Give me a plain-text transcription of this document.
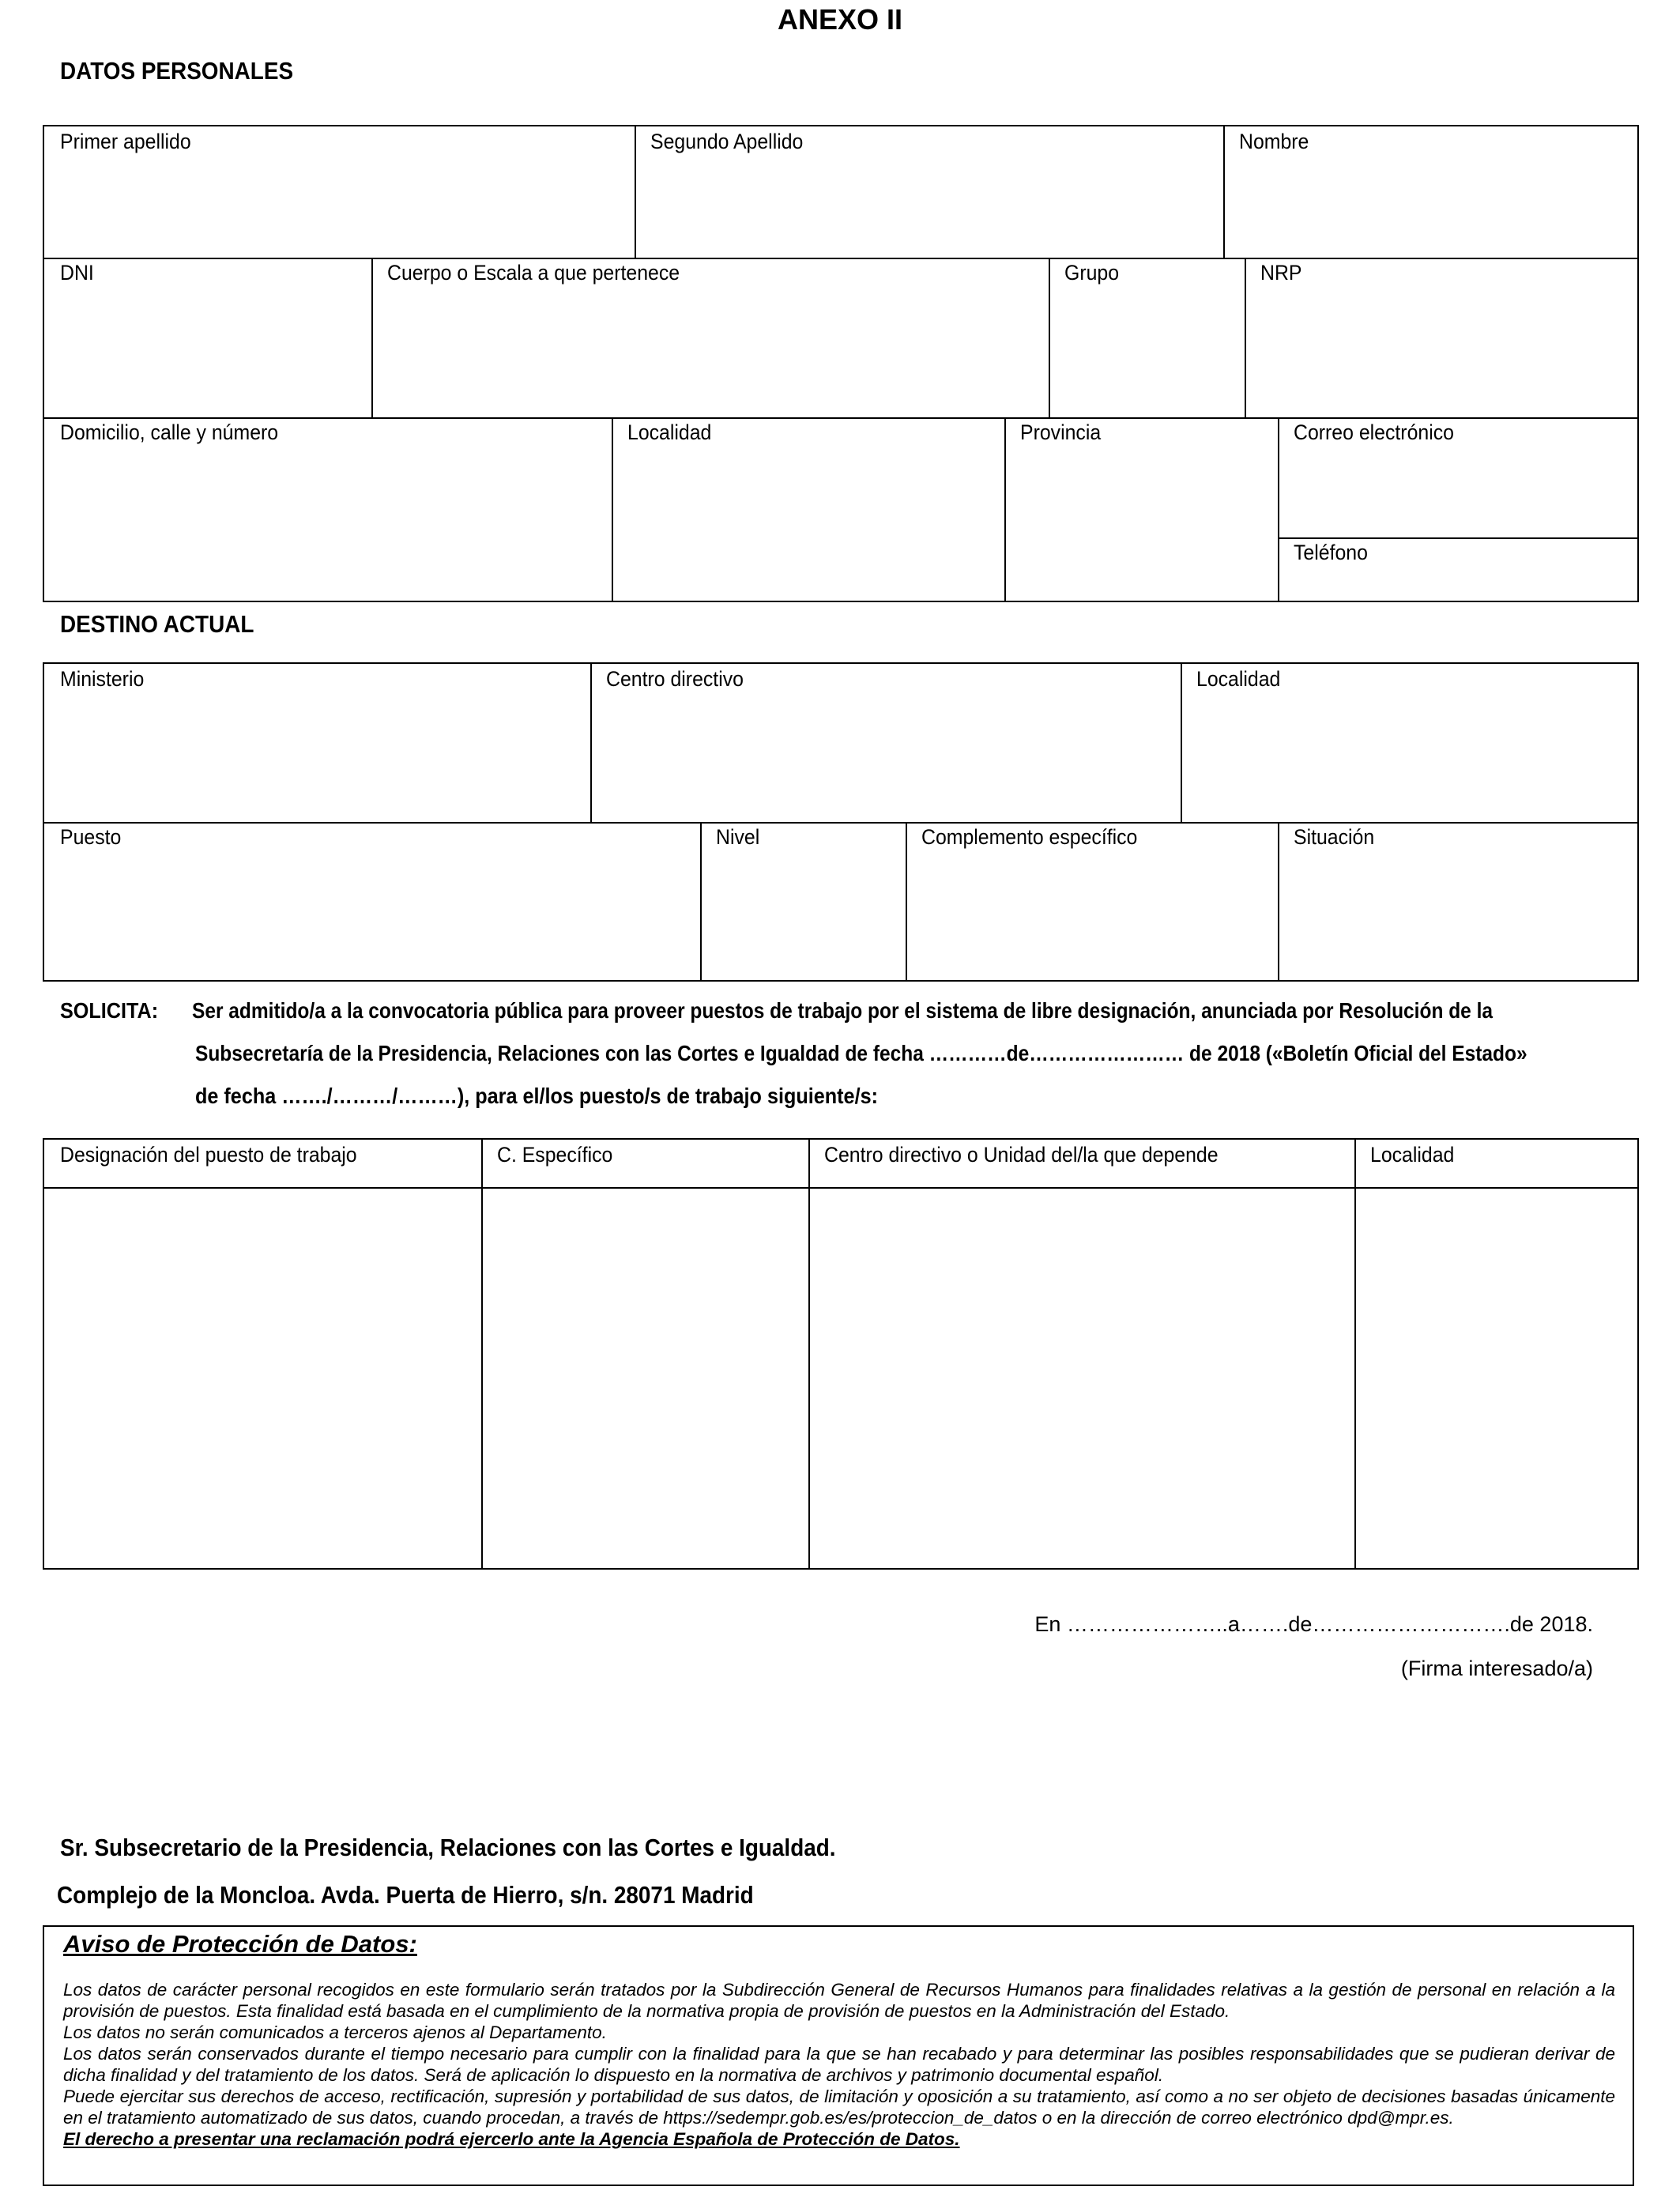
ANEXO II
DATOS PERSONALES
Primer apellido	Segundo Apellido	Nombre
DNI	Cuerpo o Escala a que pertenece	Grupo	NRP
Domicilio, calle y número	Localidad	Provincia	Correo electrónico
Teléfono
DESTINO ACTUAL
Ministerio	Centro directivo	Localidad
Puesto	Nivel	Complemento específico	Situación
SOLICITA: Ser admitido/a a la convocatoria pública para proveer puestos de trabajo por el sistema de libre designación, anunciada por Resolución de la
Subsecretaría de la Presidencia, Relaciones con las Cortes e Igualdad de fecha …………de…………………… de 2018 («Boletín Oficial del Estado»
de fecha ……./………/………), para el/los puesto/s de trabajo siguiente/s:
Designación del puesto de trabajo	C. Específico	Centro directivo o Unidad del/la que depende	Localidad
En …………………..a…….de……………………….de 2018.
(Firma interesado/a)
Sr. Subsecretario de la Presidencia, Relaciones con las Cortes e Igualdad.
Complejo de la Moncloa. Avda. Puerta de Hierro, s/n. 28071 Madrid
Aviso de Protección de Datos:

Los datos de carácter personal recogidos en este formulario serán tratados por la Subdirección General de Recursos Humanos para finalidades relativas a la gestión de personal en relación a la provisión de puestos. Esta finalidad está basada en el cumplimiento de la normativa propia de provisión de puestos en la Administración del Estado.

Los datos no serán comunicados a terceros ajenos al Departamento.

Los datos serán conservados durante el tiempo necesario para cumplir con la finalidad para la que se han recabado y para determinar las posibles responsabilidades que se pudieran derivar de dicha finalidad y del tratamiento de los datos. Será de aplicación lo dispuesto en la normativa de archivos y patrimonio documental español.

Puede ejercitar sus derechos de acceso, rectificación, supresión y portabilidad de sus datos, de limitación y oposición a su tratamiento, así como a no ser objeto de decisiones basadas únicamente en el tratamiento automatizado de sus datos, cuando procedan, a través de https://sedempr.gob.es/es/proteccion_de_datos o en la dirección de correo electrónico dpd@mpr.es.

El derecho a presentar una reclamación podrá ejercerlo ante la Agencia Española de Protección de Datos.
